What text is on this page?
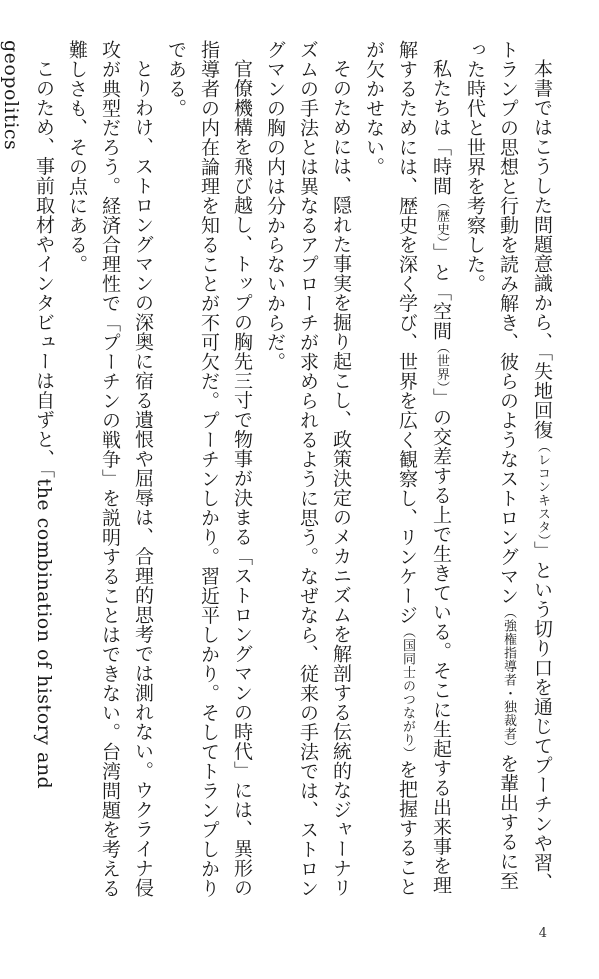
本書ではこうした問題意識から、「失地回復（レコンキスタ）」という切り口を通じてプーチンや習、トランプの思想と行動を読み解き、彼らのようなストロングマン（強権指導者・独裁者）を輩出するに至った時代と世界を考察した。

私たちは「時間（歴史）」と「空間（世界）」の交差する上で生きている。そこに生起する出来事を理解するためには、歴史を深く学び、世界を広く観察し、リンケージ（国同士のつながり）を把握することが欠かせない。

そのためには、隠れた事実を掘り起こし、政策決定のメカニズムを解剖する伝統的なジャーナリズムの手法とは異なるアプローチが求められるように思う。なぜなら、従来の手法では、ストロングマンの胸の内は分からないからだ。

官僚機構を飛び越し、トップの胸先三寸で物事が決まる「ストロングマンの時代」には、異形の指導者の内在論理を知ることが不可欠だ。プーチンしかり。習近平しかり。そしてトランプしかりである。

とりわけ、ストロングマンの深奥に宿る遺恨や屈辱は、合理的思考では測れない。ウクライナ侵攻が典型だろう。経済合理性で「プーチンの戦争」を説明することはできない。台湾問題を考える難しさも、その点にある。

このため、事前取材やインタビューは自ずと、「the combination of history and geopolitics

4
